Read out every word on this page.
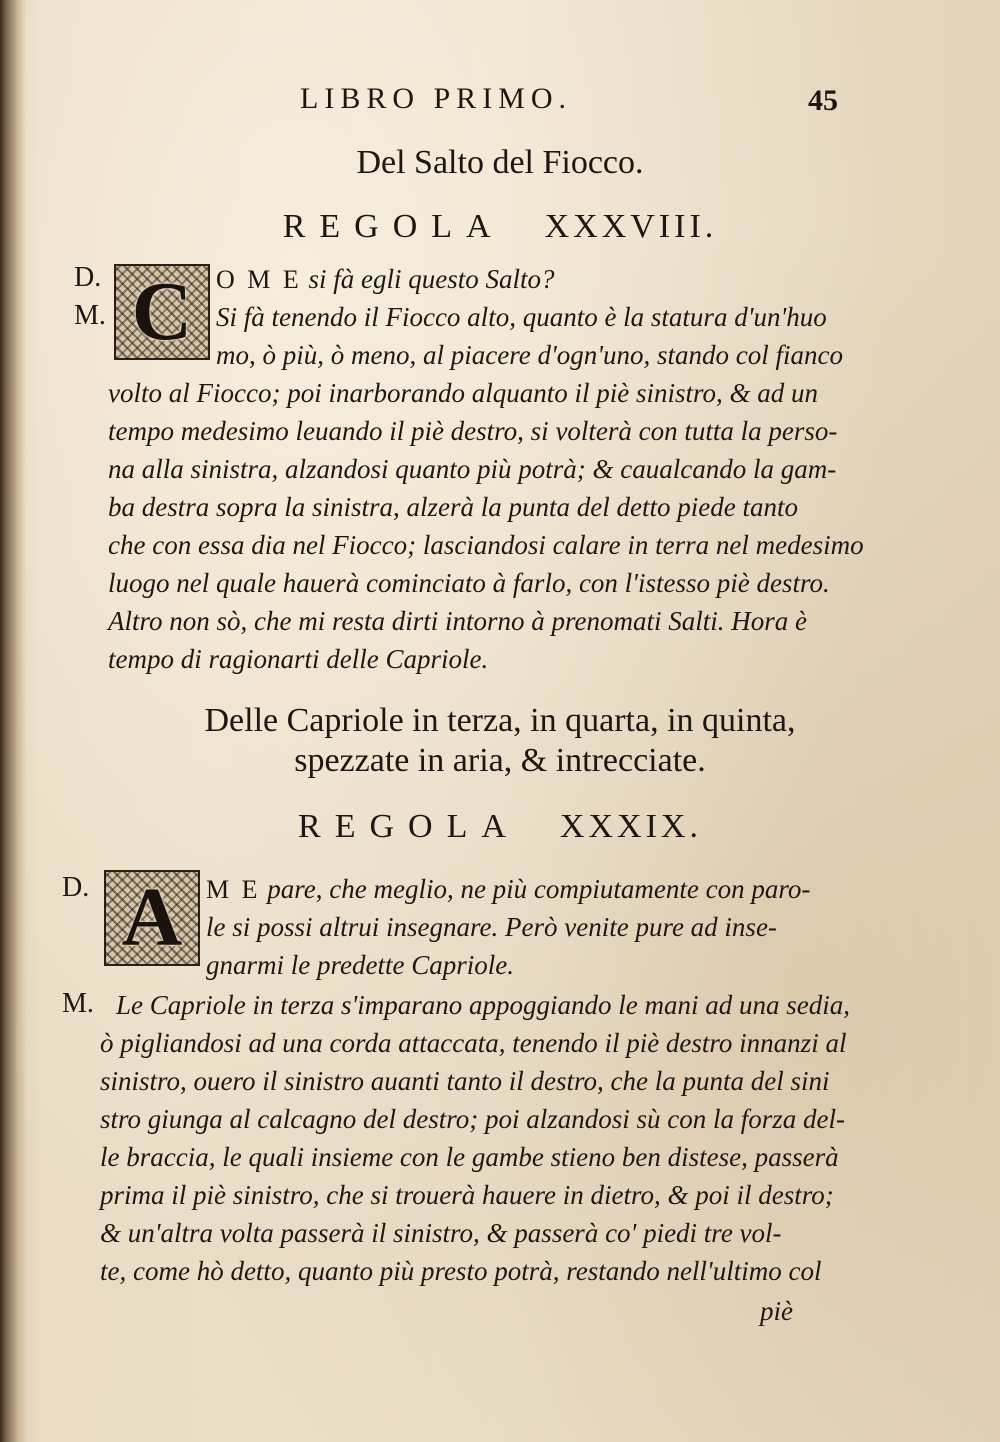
LIBRO PRIMO.	45
Del Salto del Fiocco.
REGOLA XXXVIII.
D.
M. C O M E si fà egli questo Salto?
Si fà tenendo il Fiocco alto, quanto è la statura d'un'huo
mo, ò più, ò meno, al piacere d'ogn'uno, stando col fianco
volto al Fiocco; poi inarborando alquanto il piè sinistro, & ad un
tempo medesimo leuando il piè destro, si volterà con tutta la perso-
na alla sinistra, alzandosi quanto più potrà; & caualcando la gam-
ba destra sopra la sinistra, alzerà la punta del detto piede tanto
che con essa dia nel Fiocco; lasciandosi calare in terra nel medesimo
luogo nel quale hauerà cominciato à farlo, con l'istesso piè destro.
Altro non sò, che mi resta dirti intorno à prenomati Salti. Hora è
tempo di ragionarti delle Capriole.
Delle Capriole in terza, in quarta, in quinta,
spezzate in aria, & intrecciate.
REGOLA XXXIX.
D. A M E pare, che meglio, ne più compiutamente con paro-
le si possi altrui insegnare. Però venite pure ad inse-
gnarmi le predette Capriole.
M. Le Capriole in terza s'imparano appoggiando le mani ad una sedia,
ò pigliandosi ad una corda attaccata, tenendo il piè destro innanzi al
sinistro, ouero il sinistro auanti tanto il destro, che la punta del sini
stro giunga al calcagno del destro; poi alzandosi sù con la forza del-
le braccia, le quali insieme con le gambe stieno ben distese, passerà
prima il piè sinistro, che si trouerà hauere in dietro, & poi il destro;
& un'altra volta passerà il sinistro, & passerà co' piedi tre vol-
te, come hò detto, quanto più presto potrà, restando nell'ultimo col
piè
